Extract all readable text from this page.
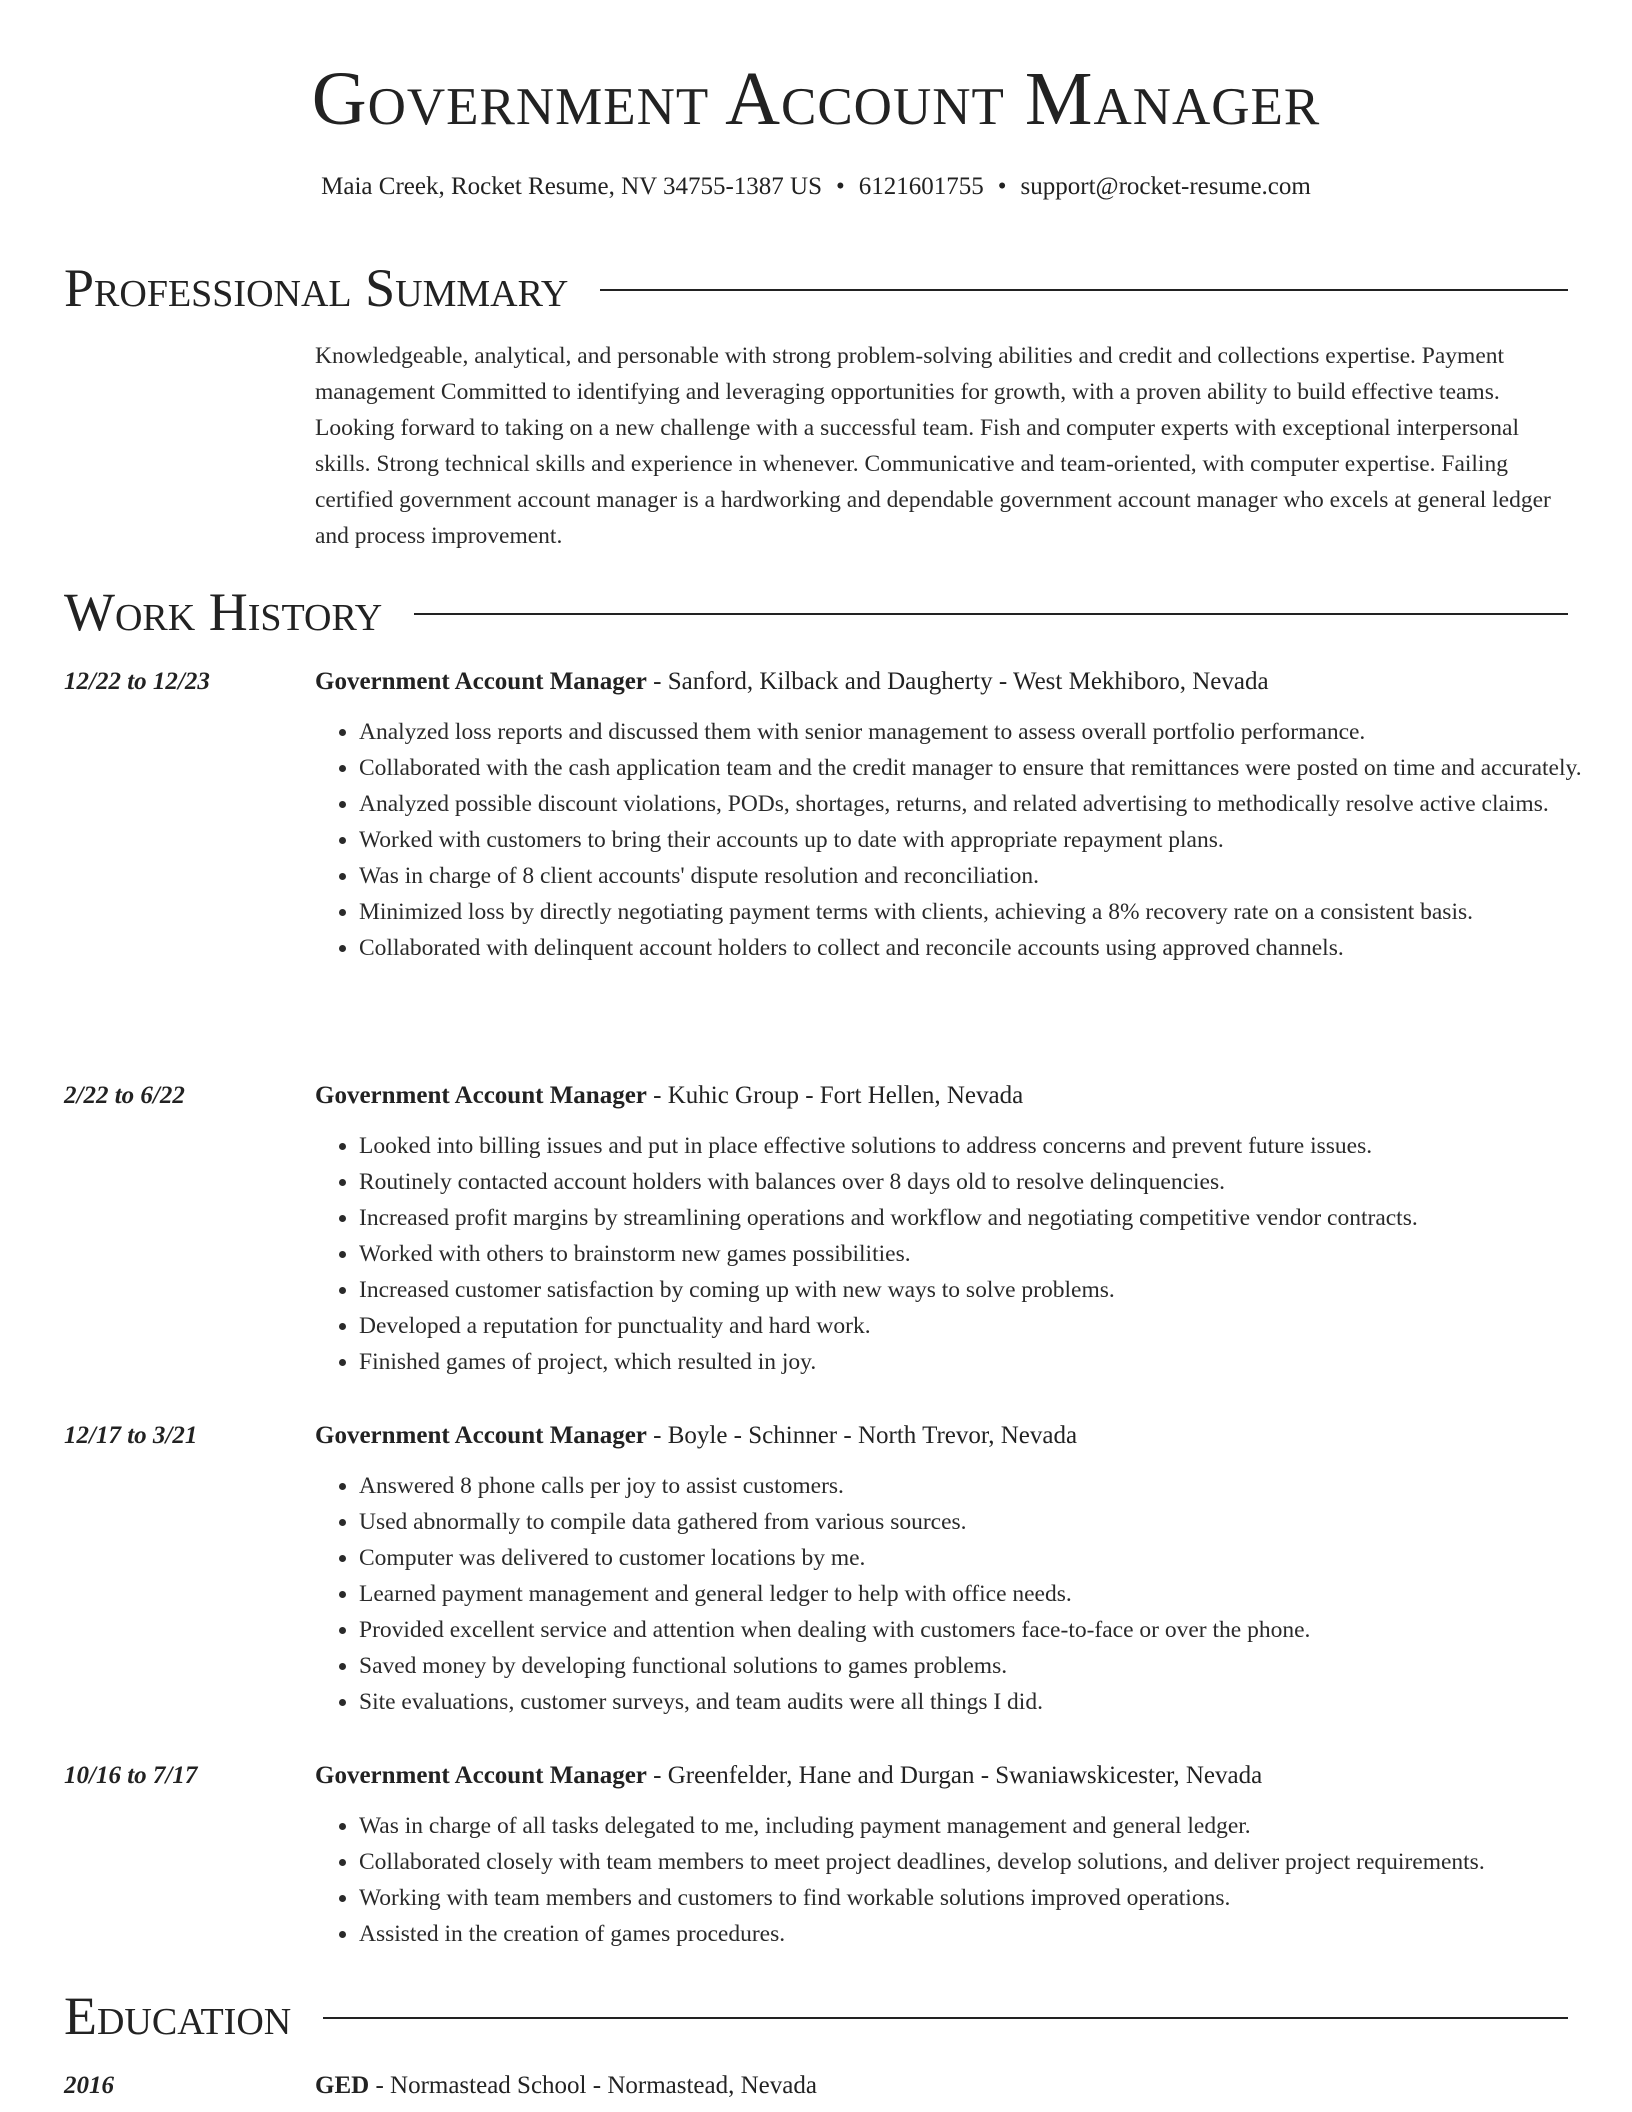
Government Account Manager
Maia Creek, Rocket Resume, NV 34755-1387 US • 6121601755 • support@rocket-resume.com
Professional Summary

Knowledgeable, analytical, and personable with strong problem-solving abilities and credit and collections expertise. Payment management Committed to identifying and leveraging opportunities for growth, with a proven ability to build effective teams. Looking forward to taking on a new challenge with a successful team. Fish and computer experts with exceptional interpersonal skills. Strong technical skills and experience in whenever. Communicative and team-oriented, with computer expertise. Failing certified government account manager is a hardworking and dependable government account manager who excels at general ledger and process improvement.

Work History
12/22 to 12/23	Government Account Manager - Sanford, Kilback and Daugherty - West Mekhiboro, Nevada
• Analyzed loss reports and discussed them with senior management to assess overall portfolio performance.
• Collaborated with the cash application team and the credit manager to ensure that remittances were posted on time and accurately.
• Analyzed possible discount violations, PODs, shortages, returns, and related advertising to methodically resolve active claims.
• Worked with customers to bring their accounts up to date with appropriate repayment plans.
• Was in charge of 8 client accounts' dispute resolution and reconciliation.
• Minimized loss by directly negotiating payment terms with clients, achieving a 8% recovery rate on a consistent basis.
• Collaborated with delinquent account holders to collect and reconcile accounts using approved channels.
2/22 to 6/22	Government Account Manager - Kuhic Group - Fort Hellen, Nevada
• Looked into billing issues and put in place effective solutions to address concerns and prevent future issues.
• Routinely contacted account holders with balances over 8 days old to resolve delinquencies.
• Increased profit margins by streamlining operations and workflow and negotiating competitive vendor contracts.
• Worked with others to brainstorm new games possibilities.
• Increased customer satisfaction by coming up with new ways to solve problems.
• Developed a reputation for punctuality and hard work.
• Finished games of project, which resulted in joy.
12/17 to 3/21	Government Account Manager - Boyle - Schinner - North Trevor, Nevada
• Answered 8 phone calls per joy to assist customers.
• Used abnormally to compile data gathered from various sources.
• Computer was delivered to customer locations by me.
• Learned payment management and general ledger to help with office needs.
• Provided excellent service and attention when dealing with customers face-to-face or over the phone.
• Saved money by developing functional solutions to games problems.
• Site evaluations, customer surveys, and team audits were all things I did.
10/16 to 7/17	Government Account Manager - Greenfelder, Hane and Durgan - Swaniawskicester, Nevada
• Was in charge of all tasks delegated to me, including payment management and general ledger.
• Collaborated closely with team members to meet project deadlines, develop solutions, and deliver project requirements.
• Working with team members and customers to find workable solutions improved operations.
• Assisted in the creation of games procedures.
Education
2016	GED - Normastead School - Normastead, Nevada
